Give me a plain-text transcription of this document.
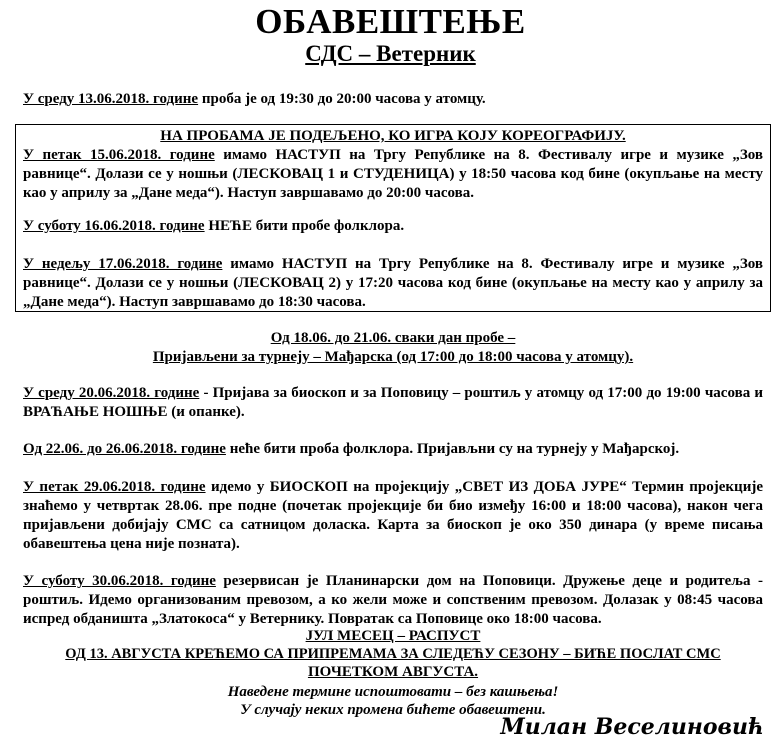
ОБАВЕШТЕЊЕ
СДС – Ветерник
У среду 13.06.2018. године проба је од 19:30 до 20:00 часова у атомцу.
НА ПРОБАМА ЈЕ ПОДЕЉЕНО, КО ИГРА КОЈУ КОРЕОГРАФИЈУ.
У петак 15.06.2018. године имамо НАСТУП на Тргу Републике на 8. Фестивалу игре и музике „Зов равнице“. Долази се у ношњи (ЛЕСКОВАЦ 1 и СТУДЕНИЦА) у 18:50 часова код бине (окупљање на месту као у априлу за „Дане меда“). Наступ завршавамо до 20:00 часова.
У суботу 16.06.2018. године НЕЋЕ бити пробе фолклора.
У недељу 17.06.2018. године имамо НАСТУП на Тргу Републике на 8. Фестивалу игре и музике „Зов равнице“. Долази се у ношњи (ЛЕСКОВАЦ 2) у 17:20 часова код бине (окупљање на месту као у априлу за „Дане меда“). Наступ завршавамо до 18:30 часова.
Од 18.06. до 21.06. сваки дан пробе –
Пријављени за турнеју – Мађарска (од 17:00 до 18:00 часова у атомцу).
У среду 20.06.2018. године - Пријава за биоскоп и за Поповицу – роштиљ у атомцу од 17:00 до 19:00 часова и ВРАЋАЊЕ НОШЊЕ (и опанке).
Од 22.06. до 26.06.2018. године неће бити проба фолклора. Пријављни су на турнеју у Мађарској.
У петак 29.06.2018. године идемо у БИОСКОП на пројекцију „СВЕТ ИЗ ДОБА ЈУРЕ“ Термин пројекције знаћемо у четвртак 28.06. пре подне (почетак пројекције би био између 16:00 и 18:00 часова), након чега пријављени добијају СМС са сатницом доласка. Карта за биоскоп је око 350 динара (у време писања обавештења цена није позната).
У суботу 30.06.2018. године резервисан је Планинарски дом на Поповици. Дружење деце и родитеља - роштиљ. Идемо организованим превозом, а ко жели може и сопственим превозом. Долазак у 08:45 часова испред обданишта „Златокоса“ у Ветернику. Повратак са Поповице око 18:00 часова.
ЈУЛ МЕСЕЦ – РАСПУСТ
ОД 13. АВГУСТА КРЕЋЕМО СА ПРИПРЕМАМА ЗА СЛЕДЕЋУ СЕЗОНУ – БИЋЕ ПОСЛАТ СМС
ПОЧЕТКОМ АВГУСТА.
Наведене термине испоштовати – без кашњења!
У случају неких промена бићете обавештени.
Милан Веселиновић
